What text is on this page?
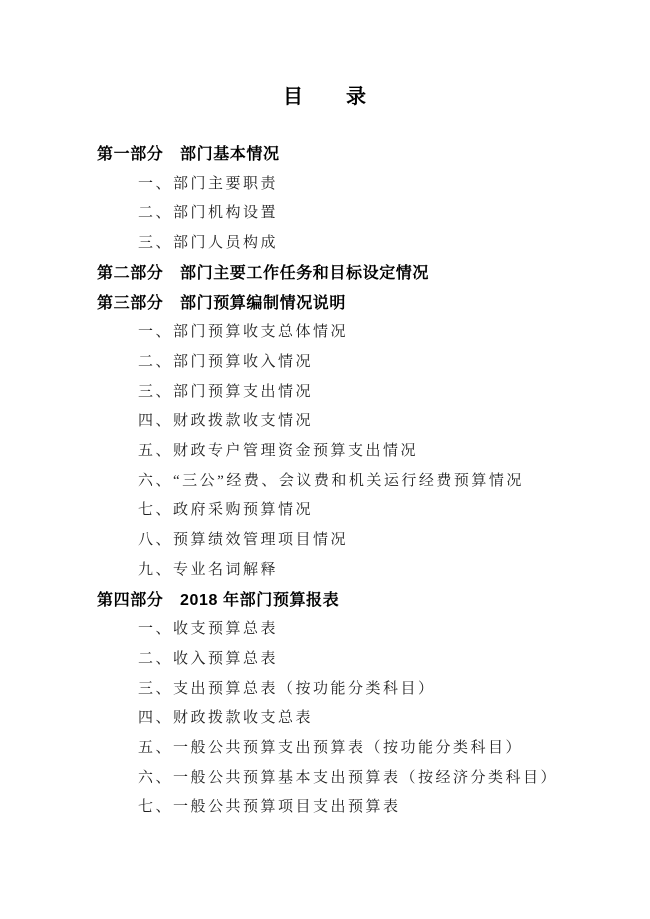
目　　录
第一部分　部门基本情况
一、部门主要职责
二、部门机构设置
三、部门人员构成
第二部分　部门主要工作任务和目标设定情况
第三部分　部门预算编制情况说明
一、部门预算收支总体情况
二、部门预算收入情况
三、部门预算支出情况
四、财政拨款收支情况
五、财政专户管理资金预算支出情况
六、“三公”经费、会议费和机关运行经费预算情况
七、政府采购预算情况
八、预算绩效管理项目情况
九、专业名词解释
第四部分　2018 年部门预算报表
一、收支预算总表
二、收入预算总表
三、支出预算总表（按功能分类科目）
四、财政拨款收支总表
五、一般公共预算支出预算表（按功能分类科目）
六、一般公共预算基本支出预算表（按经济分类科目）
七、一般公共预算项目支出预算表
